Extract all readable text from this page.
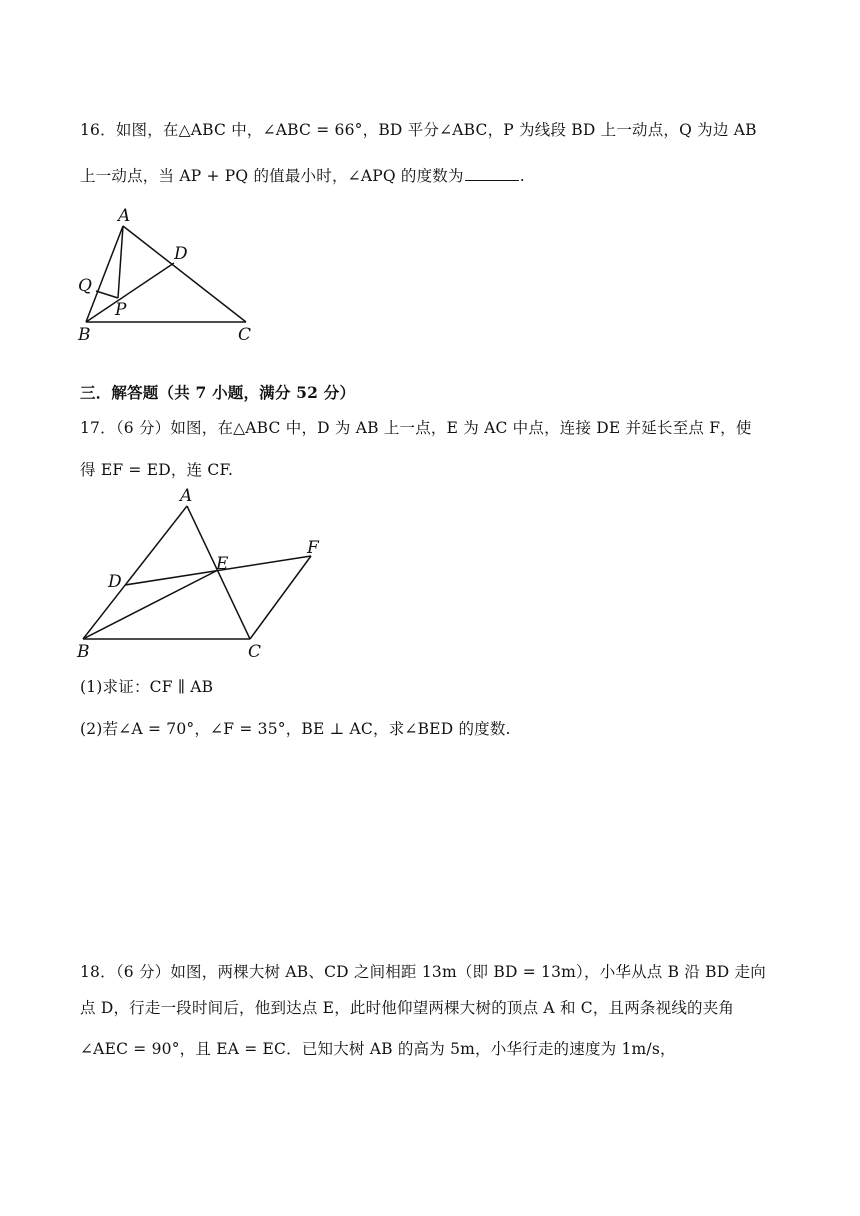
16．如图，在△ABC 中，∠ABC = 66°，BD 平分∠ABC，P 为线段 BD 上一动点，Q 为边 AB
上一动点，当 AP + PQ 的值最小时，∠APQ 的度数为	.
A
D
Q
P
B	C
三．解答题（共 7 小题，满分 52 分）
17．（6 分）如图，在△ABC 中，D 为 AB 上一点，E 为 AC 中点，连接 DE 并延长至点 F，使
得 EF = ED，连 CF.
A
D
E
F
B	C
(1)求证：CF ∥ AB
(2)若∠A = 70°，∠F = 35°，BE ⊥ AC，求∠BED 的度数.
18．（6 分）如图，两棵大树 AB、CD 之间相距 13m（即 BD = 13m），小华从点 B 沿 BD 走向
点 D，行走一段时间后，他到达点 E，此时他仰望两棵大树的顶点 A 和 C，且两条视线的夹角
∠AEC = 90°，且 EA = EC．已知大树 AB 的高为 5m，小华行走的速度为 1m/s，
